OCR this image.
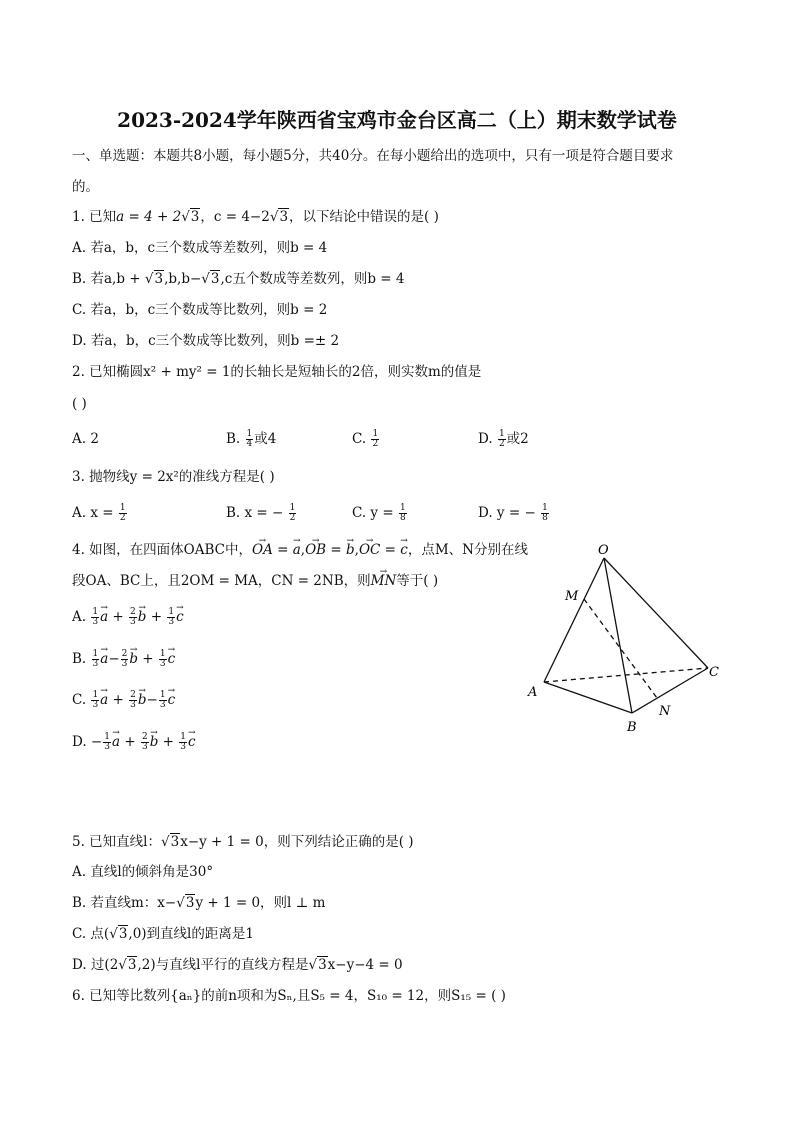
2023-2024学年陕西省宝鸡市金台区高二（上）期末数学试卷
一、单选题：本题共8小题，每小题5分，共40分。在每小题给出的选项中，只有一项是符合题目要求
的。
1. 已知a = 4 + 2√3，c = 4−2√3，以下结论中错误的是( )
A. 若a，b，c三个数成等差数列，则b = 4
B. 若a,b + √3,b,b−√3,c五个数成等差数列，则b = 4
C. 若a，b，c三个数成等比数列，则b = 2
D. 若a，b，c三个数成等比数列，则b =± 2
2. 已知椭圆x² + my² = 1的长轴长是短轴长的2倍，则实数m的值是
( )
A. 2	B. $\frac{1}{4}$ 或4	C. $\frac{1}{2}$	D. $\frac{1}{2}$ 或2
3. 抛物线y = 2x²的准线方程是( )
A. $x = \frac{1}{2}$	B. x = − $\frac{1}{2}$	C. $y = \frac{1}{8}$	D. y = − $\frac{1}{8}$
4. 如图，在四面体OABC中，→ OA = → a,→ OB = → b,→ OC = → c，点M、N分别在线
段OA、BC上，且2OM = MA，CN = 2NB，则→ MN等于( )
A. $\frac{1}{3} \to a + \frac{2}{3} \to b + \frac{1}{3} \to c$
B. $\frac{1}{3} \to a- \frac{2}{3} \to b + \frac{1}{3} \to c$
C. $\frac{1}{3} \to a + \frac{2}{3} \to b- \frac{1}{3} \to c$
D. − $\frac{1}{3} \to a + \frac{2}{3} \to b + \frac{1}{3} \to c$
O
M
A
B
C
N
5. 已知直线l：√3x−y + 1 = 0，则下列结论正确的是( )
A. 直线l的倾斜角是30°
B. 若直线m：x−√3y + 1 = 0，则l ⊥ m
C. 点(√3,0)到直线l的距离是1
D. 过(2√3,2)与直线l平行的直线方程是√3x−y−4 = 0
6. 已知等比数列{aₙ}的前n项和为Sₙ,且S₅ = 4，S₁₀ = 12，则S₁₅ = ( )
